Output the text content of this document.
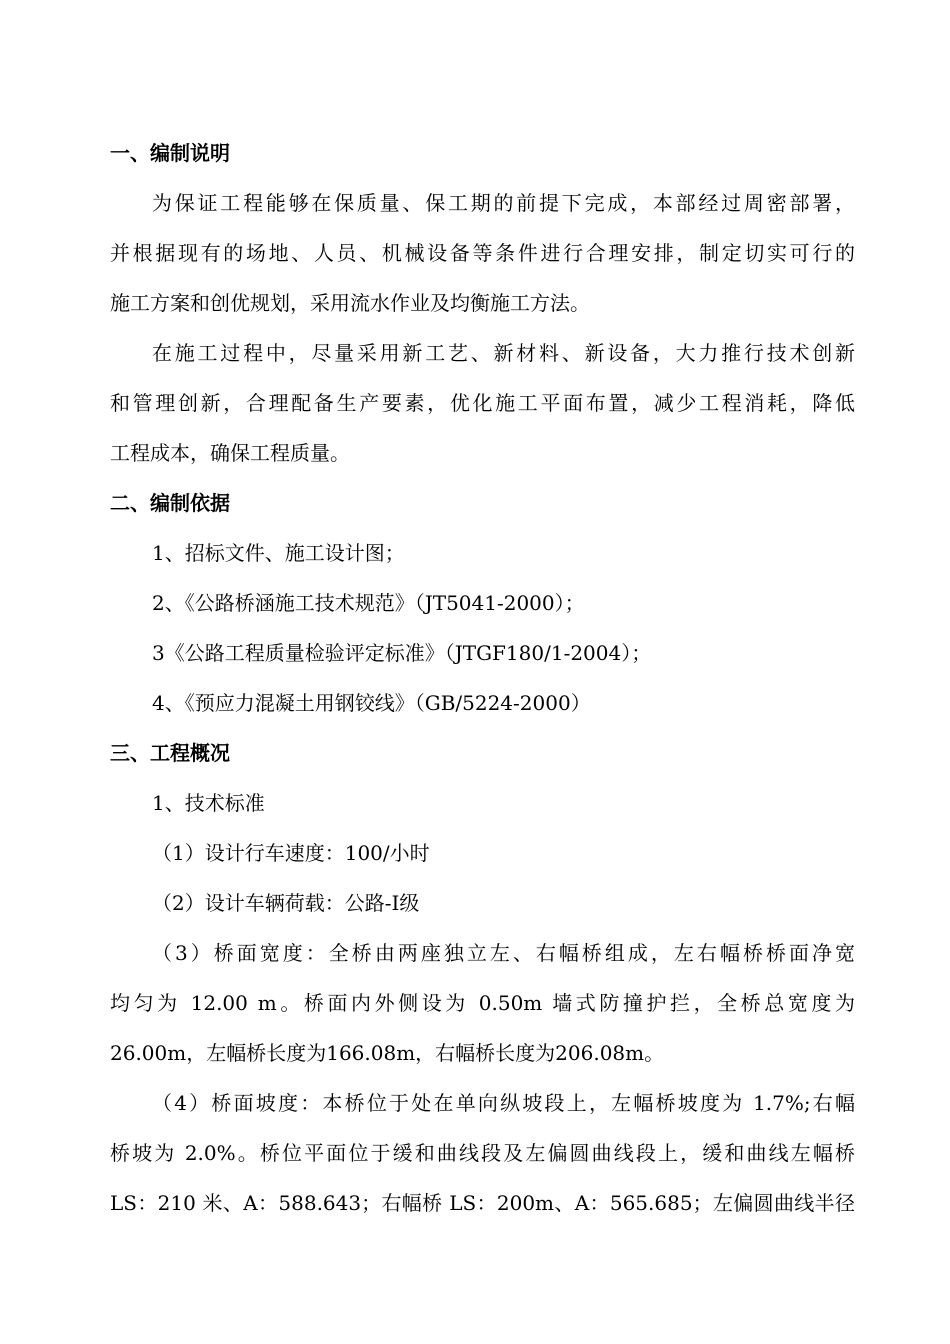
一、编制说明
为保证工程能够在保质量、保工期的前提下完成，本部经过周密部署，
并根据现有的场地、人员、机械设备等条件进行合理安排，制定切实可行的
施工方案和创优规划，采用流水作业及均衡施工方法。
在施工过程中，尽量采用新工艺、新材料、新设备，大力推行技术创新
和管理创新，合理配备生产要素，优化施工平面布置，减少工程消耗，降低
工程成本，确保工程质量。
二、编制依据
1、招标文件、施工设计图；
2、《公路桥涵施工技术规范》（JT5041-2000）；
3《公路工程质量检验评定标准》（JTGF180/1-2004）；
4、《预应力混凝土用钢铰线》（GB/5224-2000）
三、工程概况
1、技术标准
（1）设计行车速度：100/小时
（2）设计车辆荷载：公路-Ⅰ级
（3）桥面宽度：全桥由两座独立左、右幅桥组成，左右幅桥桥面净宽
均匀为 12.00 m。桥面内外侧设为 0.50m 墙式防撞护拦，全桥总宽度为
26.00m，左幅桥长度为166.08m，右幅桥长度为206.08m。
（4）桥面坡度：本桥位于处在单向纵坡段上，左幅桥坡度为 1.7%;右幅
桥坡为 2.0%。桥位平面位于缓和曲线段及左偏圆曲线段上，缓和曲线左幅桥
LS：210 米、A：588.643；右幅桥 LS：200m、A：565.685；左偏圆曲线半径
